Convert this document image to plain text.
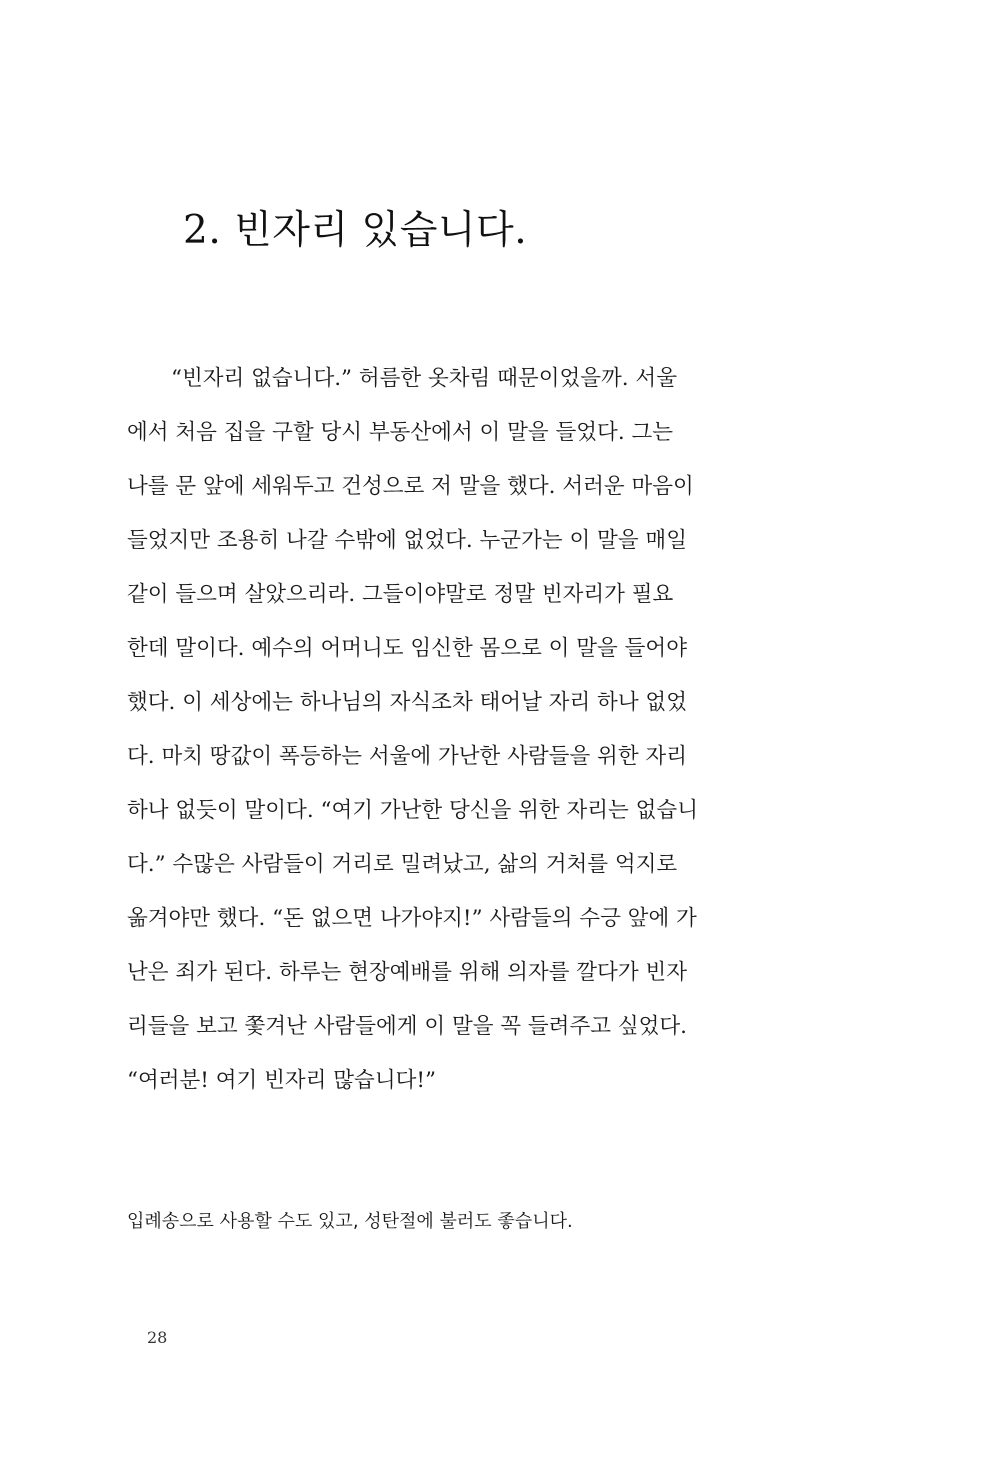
2. 빈자리 있습니다.
“빈자리 없습니다.” 허름한 옷차림 때문이었을까. 서울
에서 처음 집을 구할 당시 부동산에서 이 말을 들었다. 그는
나를 문 앞에 세워두고 건성으로 저 말을 했다. 서러운 마음이
들었지만 조용히 나갈 수밖에 없었다. 누군가는 이 말을 매일
같이 들으며 살았으리라. 그들이야말로 정말 빈자리가 필요
한데 말이다. 예수의 어머니도 임신한 몸으로 이 말을 들어야
했다. 이 세상에는 하나님의 자식조차 태어날 자리 하나 없었
다. 마치 땅값이 폭등하는 서울에 가난한 사람들을 위한 자리
하나 없듯이 말이다. “여기 가난한 당신을 위한 자리는 없습니
다.” 수많은 사람들이 거리로 밀려났고, 삶의 거처를 억지로
옮겨야만 했다. “돈 없으면 나가야지!” 사람들의 수긍 앞에 가
난은 죄가 된다. 하루는 현장예배를 위해 의자를 깔다가 빈자
리들을 보고 쫓겨난 사람들에게 이 말을 꼭 들려주고 싶었다.
“여러분! 여기 빈자리 많습니다!”

입례송으로 사용할 수도 있고, 성탄절에 불러도 좋습니다.

28
